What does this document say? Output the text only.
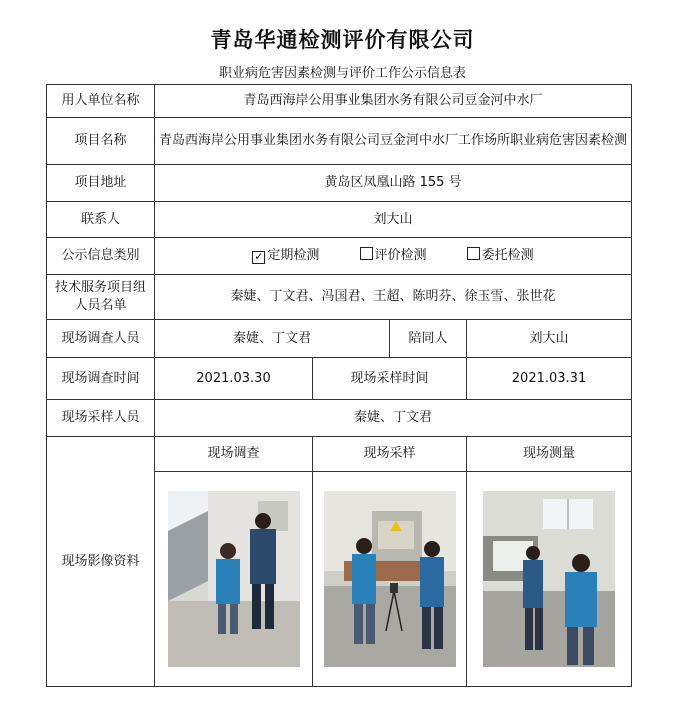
青岛华通检测评价有限公司
职业病危害因素检测与评价工作公示信息表
用人单位名称	青岛西海岸公用事业集团水务有限公司豆金河中水厂			
项目名称	青岛西海岸公用事业集团水务有限公司豆金河中水厂工作场所职业病危害因素检测			
项目地址	黄岛区凤凰山路 155 号			
联系人	刘大山			
公示信息类别	✓ 定期检测 评价检测 委托检测			
技术服务项目组人员名单	秦婕、丁文君、冯国君、王超、陈明芬、徐玉雪、张世花			
现场调查人员	秦婕、丁文君		陪同人	刘大山
现场调查时间	2021.03.30	现场采样时间		2021.03.31
现场采样人员	秦婕、丁文君			
现场影像资料	现场调查	现场采样		现场测量
